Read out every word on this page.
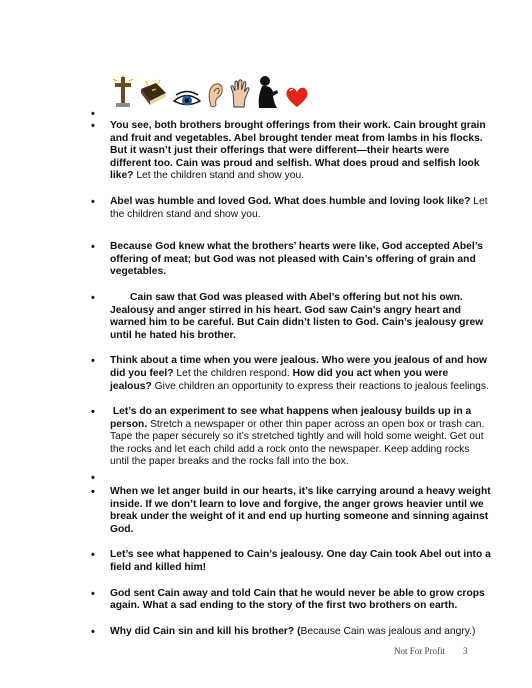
•
• You see, both brothers brought offerings from their work. Cain brought grain and fruit and vegetables. Abel brought tender meat from lambs in his flocks. But it wasn’t just their offerings that were different—their hearts were different too. Cain was proud and selfish. What does proud and selfish look like? Let the children stand and show you.
• Abel was humble and loved God. What does humble and loving look like? Let the children stand and show you.
• Because God knew what the brothers’ hearts were like, God accepted Abel’s offering of meat; but God was not pleased with Cain’s offering of grain and vegetables.
•        Cain saw that God was pleased with Abel’s offering but not his own. Jealousy and anger stirred in his heart. God saw Cain’s angry heart and warned him to be careful. But Cain didn’t listen to God. Cain’s jealousy grew until he hated his brother.
• Think about a time when you were jealous. Who were you jealous of and how did you feel? Let the children respond. How did you act when you were jealous? Give children an opportunity to express their reactions to jealous feelings.
•  Let’s do an experiment to see what happens when jealousy builds up in a person. Stretch a newspaper or other thin paper across an open box or trash can. Tape the paper securely so it’s stretched tightly and will hold some weight. Get out the rocks and let each child add a rock onto the newspaper. Keep adding rocks until the paper breaks and the rocks fall into the box.
•
• When we let anger build in our hearts, it’s like carrying around a heavy weight inside. If we don’t learn to love and forgive, the anger grows heavier until we break under the weight of it and end up hurting someone and sinning against God.
• Let’s see what happened to Cain’s jealousy. One day Cain took Abel out into a field and killed him!
• God sent Cain away and told Cain that he would never be able to grow crops again. What a sad ending to the story of the first two brothers on earth.
• Why did Cain sin and kill his brother? (Because Cain was jealous and angry.)
Not For Profit 3
